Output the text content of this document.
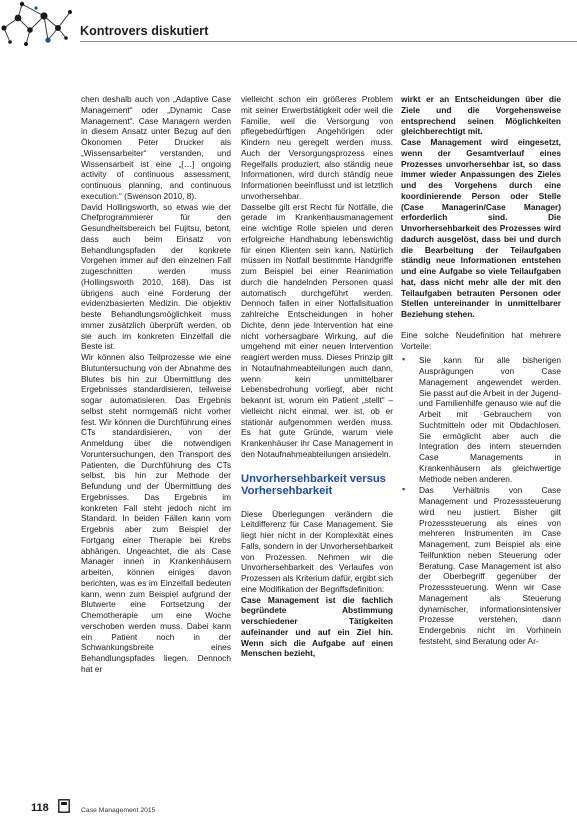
Kontrovers diskutiert

chen deshalb auch von „Adaptive Case Management“ oder „Dynamic Case Management“. Case Managern werden in diesem Ansatz unter Bezug auf den Ökonomen Peter Drucker als „Wissensarbeiter“ verstanden, und Wissensarbeit ist eine „[…] ongoing activity of continuous assessment, continuous planning, and continuous execution.“ (Swenson 2010, 8).

David Hollingsworth, so etwas wie der Chefprogrammierer für den Gesundheitsbereich bei Fujitsu, betont, dass auch beim Einsatz von Behandlungspfaden der konkrete Vorgehen immer auf den einzelnen Fall zugeschnitten werden muss (Hollingsworth 2010, 168). Das ist übrigens auch eine Forderung der evidenzbasierten Medizin. Die objektiv beste Behandlungsmöglichkeit muss immer zusätzlich überprüft werden, ob sie auch im konkreten Einzelfall die Beste ist.

Wir können also Teilprozesse wie eine Blutuntersuchung von der Abnahme des Blutes bis hin zur Übermittlung des Ergebnisses standardisieren, teilweise sogar automatisieren. Das Ergebnis selbst steht normgemäß nicht vorher fest. Wir können die Durchführung eines CTs standardisieren, von der Anmeldung über die notwendigen Voruntersuchungen, den Transport des Patienten, die Durchführung des CTs selbst, bis hin zur Methode der Befundung und der Übermittlung des Ergebnisses. Das Ergebnis im konkreten Fall steht jedoch nicht im Standard. In beiden Fällen kann vom Ergebnis aber zum Beispiel der Fortgang einer Therapie bei Krebs abhängen. Ungeachtet, die als Case Manager innen in Krankenhäusern arbeiten, können einiges davon berichten, was es im Einzelfall bedeuten kann, wenn zum Beispiel aufgrund der Blutwerte eine Fortsetzung der Chemotherapie um eine Woche verschoben werden muss. Dabei kann ein Patient noch in der Schwankungsbreite eines Behandlungspfades liegen. Dennoch hat er

vielleicht schon ein größeres Problem mit seiner Erwerbstätigkeit oder weil die Familie, weil die Versorgung von pflegebedürftigen Angehörigen oder Kindern neu geregelt werden muss. Auch der Versorgungsprozess eines Regelfalls produziert, also ständig neue Informationen, wird durch ständig neue Informationen beeinflusst und ist letztlich unvorhersehbar.

Dasselbe gilt erst Recht für Notfälle, die gerade im Krankenhausmanagement eine wichtige Rolle spielen und deren erfolgreiche Handhabung lebenswichtig für einen Klienten sein kann. Natürlich müssen im Notfall bestimmte Handgriffe zum Beispiel bei einer Reanimation durch die handelnden Personen quasi automatisch durchgeführt werden. Dennoch fallen in einer Notfallsituation zahlreiche Entscheidungen in hoher Dichte, denn jede Intervention hat eine nicht vorhersagbare Wirkung, auf die umgehend mit einer neuen Intervention reagiert werden muss. Dieses Prinzip gilt in Notaufnahmeabteilungen auch dann, wenn kein unmittelbarer Lebensbedrohung vorliegt, aber nicht bekannt ist, worum ein Patient „stellt“ – vielleicht nicht einmal, wer ist, ob er stationär aufgenommen werden muss. Es hat gute Gründe, warum viele Krankenhäuser ihr Case Management in den Notaufnahmeabteilungen ansiedeln.

Unvorhersehbarkeit versus
Vorhersehbarkeit

Diese Überlegungen verändern die Leitdifferenz für Case Management. Sie liegt hier nicht in der Komplexität eines Falls, sondern in der Unvorhersehbarkeit von Prozessen. Nehmen wir die Unvorhersehbarkeit des Verlaufes von Prozessen als Kriterium dafür, ergibt sich eine Modifikation der Begriffsdefinition:

Case Management ist die fachlich begründete Abstimmung verschiedener Tätigkeiten aufeinander und auf ein Ziel hin. Wenn sich die Aufgabe auf einen Menschen bezieht,

wirkt er an Entscheidungen über die Ziele und die Vorgehensweise entsprechend seinen Möglichkeiten gleichberechtigt mit.

Case Management wird eingesetzt, wenn der Gesamtverlauf eines Prozesses unvorhersehbar ist, so dass immer wieder Anpassungen des Zieles und des Vorgehens durch eine koordinierende Person oder Stelle (Case Managerin/Case Manager) erforderlich sind. Die Unvorhersehbarkeit des Prozesses wird dadurch ausgelöst, dass bei und durch die Bearbeitung der Teilaufgaben ständig neue Informationen entstehen und eine Aufgabe so viele Teilaufgaben hat, dass nicht mehr alle der mit den Teilaufgaben betrauten Personen oder Stellen untereinander in unmittelbarer Beziehung stehen.

Eine solche Neudefinition hat mehrere Vorteile:

▪ Sie kann für alle bisherigen Ausprägungen von Case Management angewendet werden. Sie passt auf die Arbeit in der Jugend- und Familienhilfe genauso wie auf die Arbeit mit Gebrauchern von Suchtmitteln oder mit Obdachlosen. Sie ermöglicht aber auch die Integration des intern steuernden Case Managements in Krankenhäusern als gleichwertige Methode neben anderen.
▪ Das Verhältnis von Case Management und Prozesssteuerung wird neu justiert. Bisher gilt Prozesssteuerung als eines von mehreren Instrumenten im Case Management, zum Beispiel als eine Teilfunktion neben Steuerung oder Beratung. Case Management ist also der Oberbegriff gegenüber der Prozesssteuerung. Wenn wir Case Management als Steuerung dynamischer, informationsintensiver Prozesse verstehen, dann Endergebnis nicht im Vorhinein feststeht, sind Beratung oder Ar-
118	Case Management 2015
